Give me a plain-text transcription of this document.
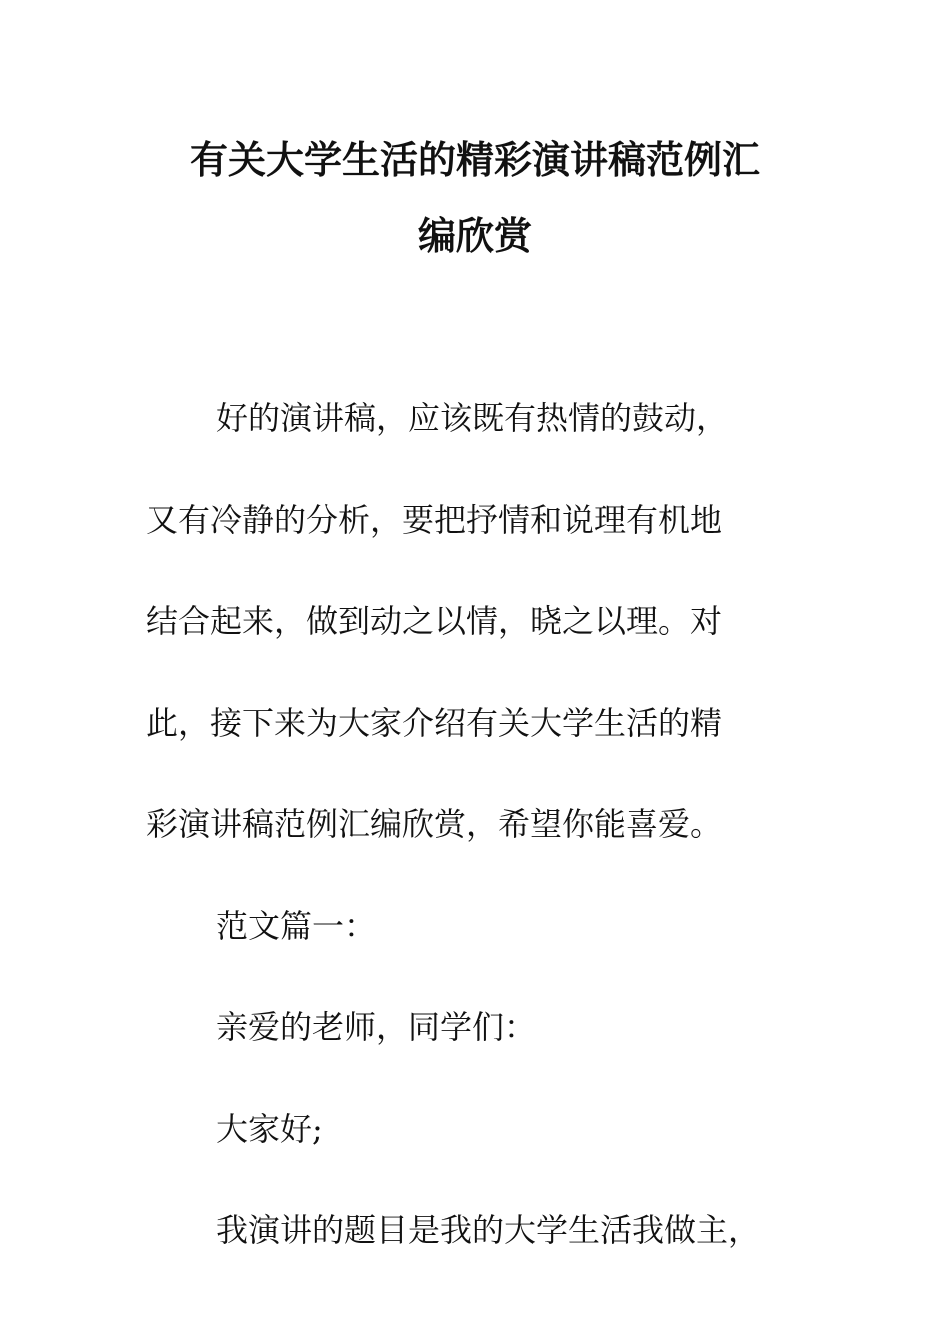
有关大学生活的精彩演讲稿范例汇
编欣赏
好的演讲稿，应该既有热情的鼓动，
又有冷静的分析，要把抒情和说理有机地
结合起来，做到动之以情，晓之以理。对
此，接下来为大家介绍有关大学生活的精
彩演讲稿范例汇编欣赏，希望你能喜爱。
范文篇一：
亲爱的老师，同学们：
大家好;
我演讲的题目是我的大学生活我做主，
